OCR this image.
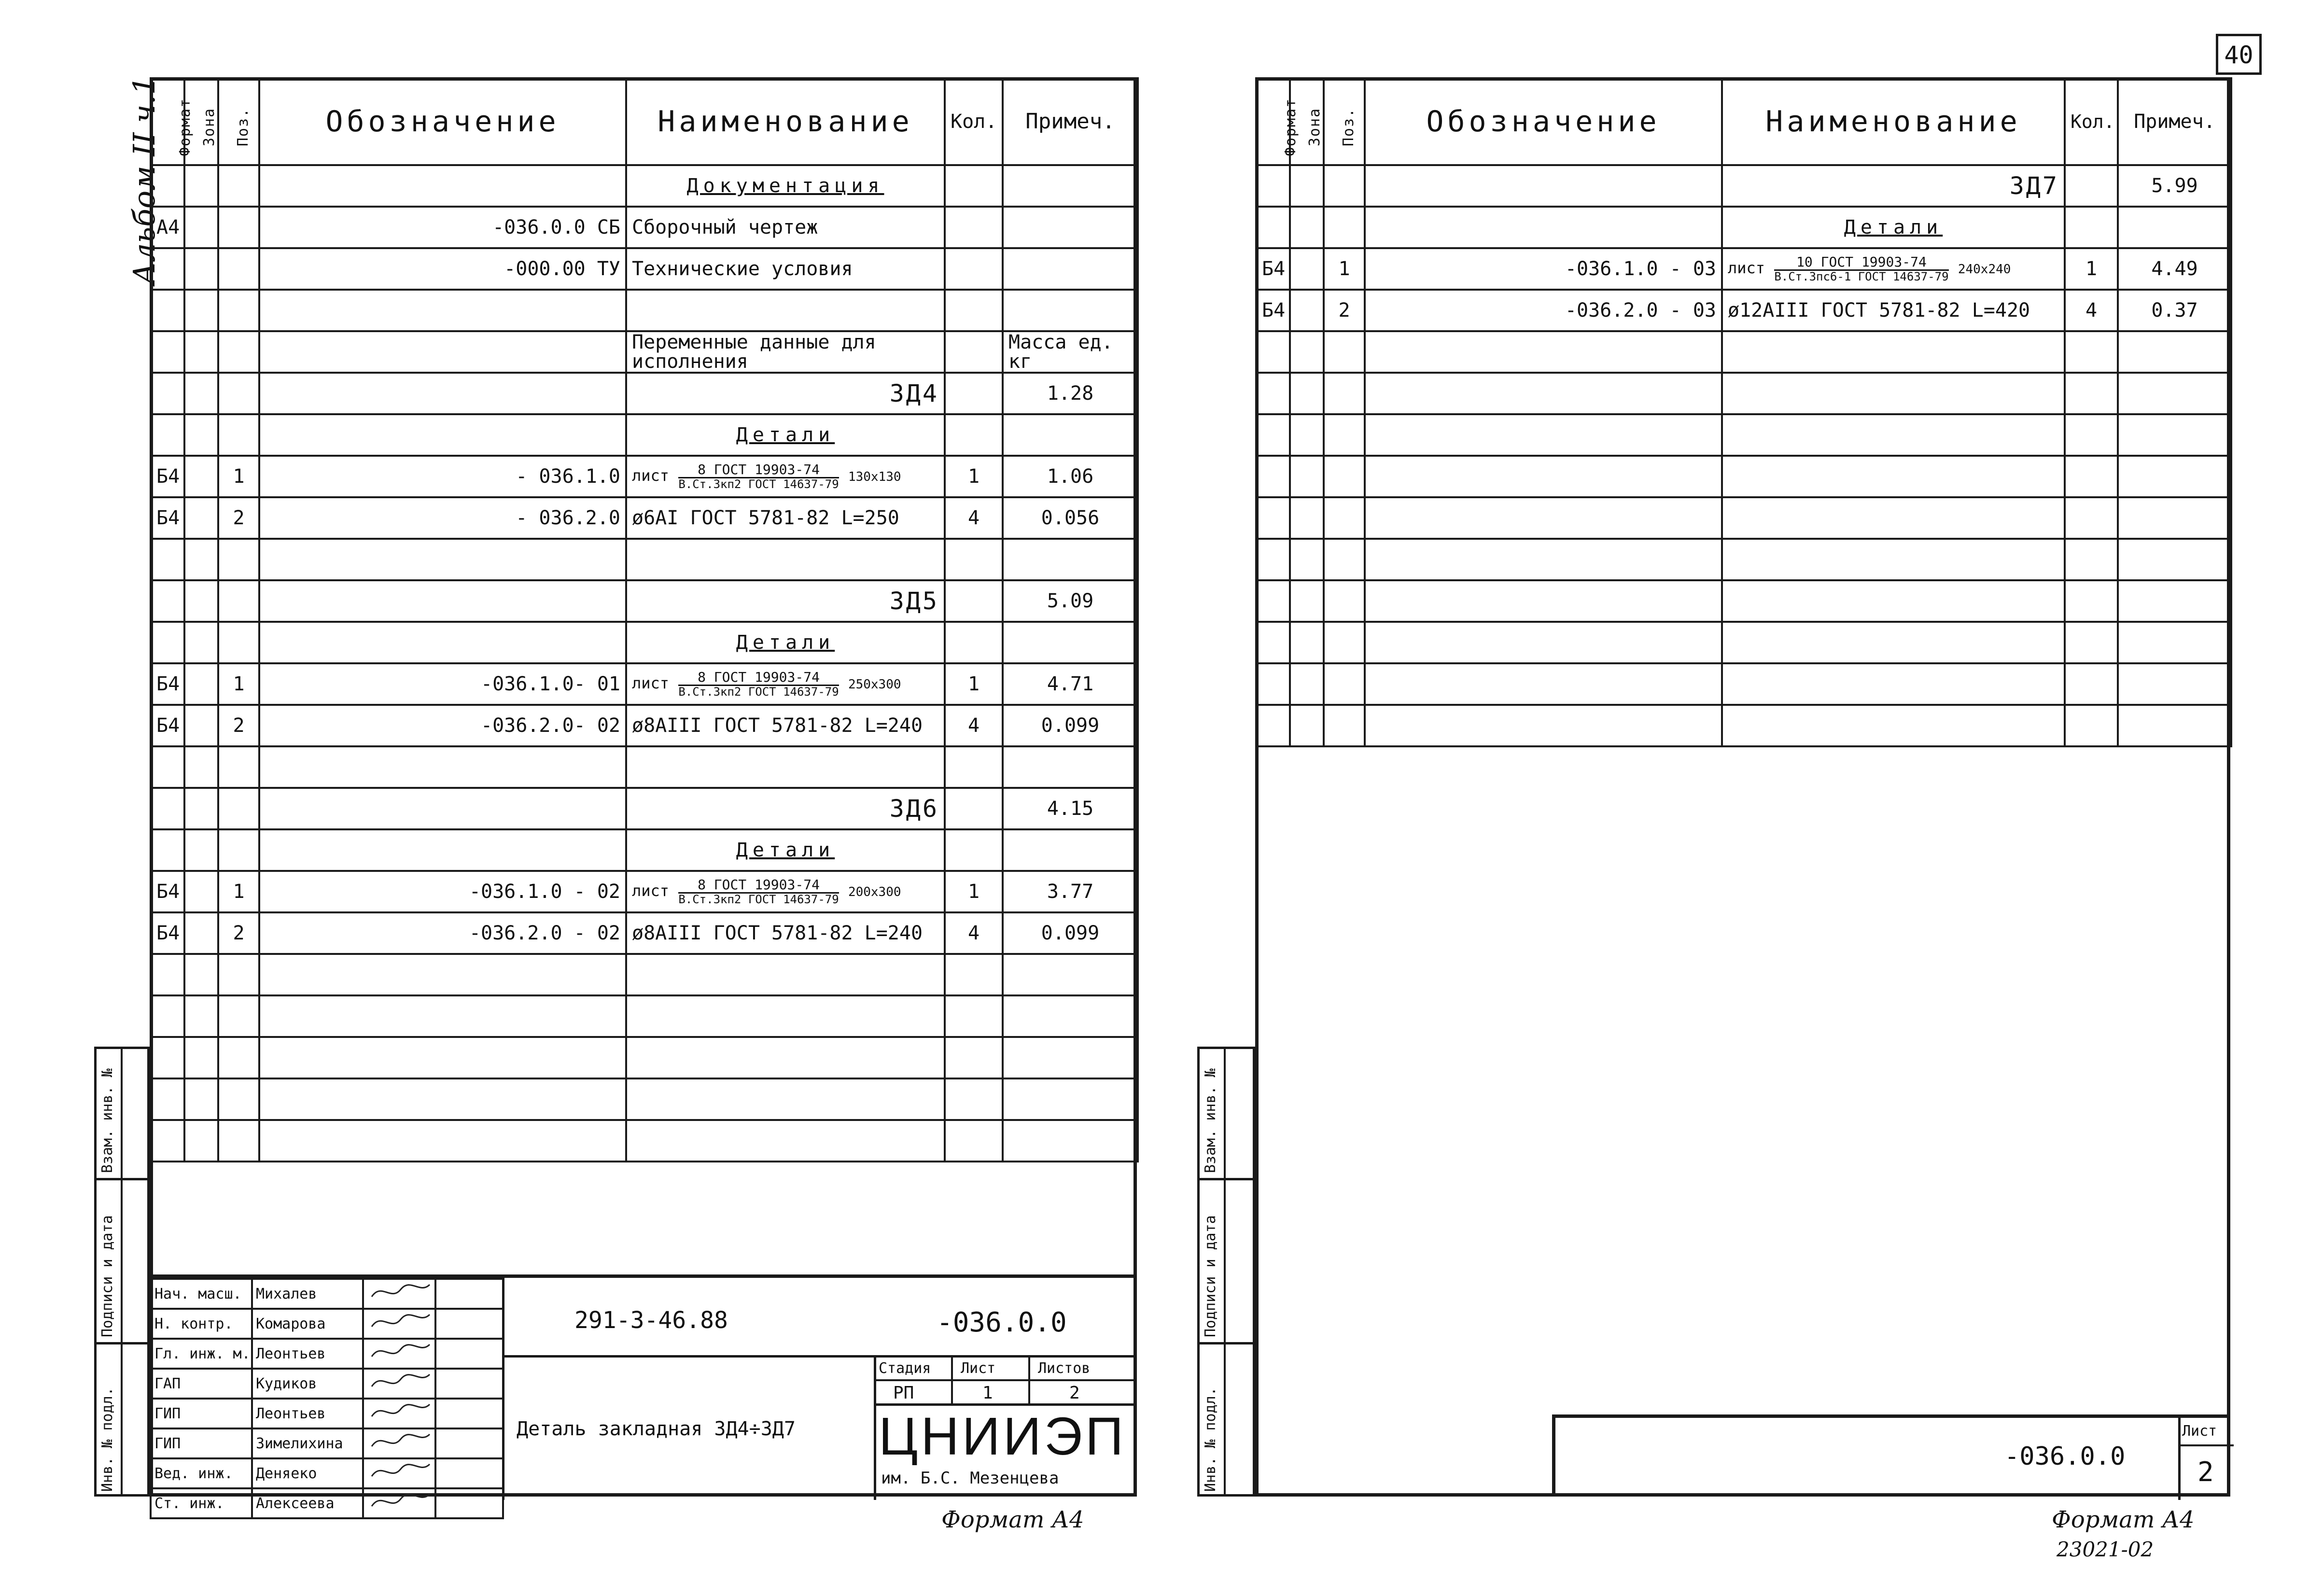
40
Альбом II ч.1 Формат	Зона	Поз.	Обозначение	Наименование	Кол.	Примеч.
				Документация		
А4			-036.0.0 СБ	Сборочный чертеж		
			-000.00 ТУ	Технические условия		

				Переменные данные для исполнения		Масса ед. кг
				ЗД4		1.28
				Детали		
Б4		1	- 036.1.0	лист $\frac{\text{8 ГОСТ 19903-74}}{\text{В.Ст.3кп2 ГОСТ 14637-79}} 130х130$	1	1.06
Б4		2	- 036.2.0	ø6АI ГОСТ 5781-82 L=250	4	0.056

				ЗД5		5.09
				Детали		
Б4		1	-036.1.0- 01	лист $\frac{\text{8 ГОСТ 19903-74}}{\text{В.Ст.3кп2 ГОСТ 14637-79}} 250х300$	1	4.71
Б4		2	-036.2.0- 02	ø8АIII ГОСТ 5781-82 L=240	4	0.099

				ЗД6		4.15
				Детали		
Б4		1	-036.1.0 - 02	лист $\frac{\text{8 ГОСТ 19903-74}}{\text{В.Ст.3кп2 ГОСТ 14637-79}} 200х300$	1	3.77
Б4		2	-036.2.0 - 02	ø8АIII ГОСТ 5781-82 L=240	4	0.099

Инв. № подл.
Подписи и дата
Взам. инв. №
Нач. масш.	Михалев		
Н. контр.	Комарова		
Гл. инж. м.	Леонтьев		
ГАП	Кудиков		
ГИП	Леонтьев		
ГИП	Зимелихина		
Вед. инж.	Деняеко		
Ст. инж.	Алексеева		
291-3-46.88	-036.0.0
Деталь закладная ЗД4÷ЗД7
Стадия Лист	Листов
РП	1	2
ЦНИИЭП
им. Б.С. Мезенцева
Формат А4
Формат	Зона	Поз.	Обозначение	Наименование	Кол.	Примеч.
				ЗД7		5.99
				Детали		
Б4		1	-036.1.0 - 03	лист $\frac{\text{10 ГОСТ 19903-74}}{\text{В.Ст.3пс6-1 ГОСТ 14637-79}} 240х240$	1	4.49
Б4		2	-036.2.0 - 03	ø12АIII ГОСТ 5781-82 L=420	4	0.37

Инв. № подл.
Подписи и дата
Взам. инв. №
-036.0.0
Лист
2
Формат А4
23021-02
